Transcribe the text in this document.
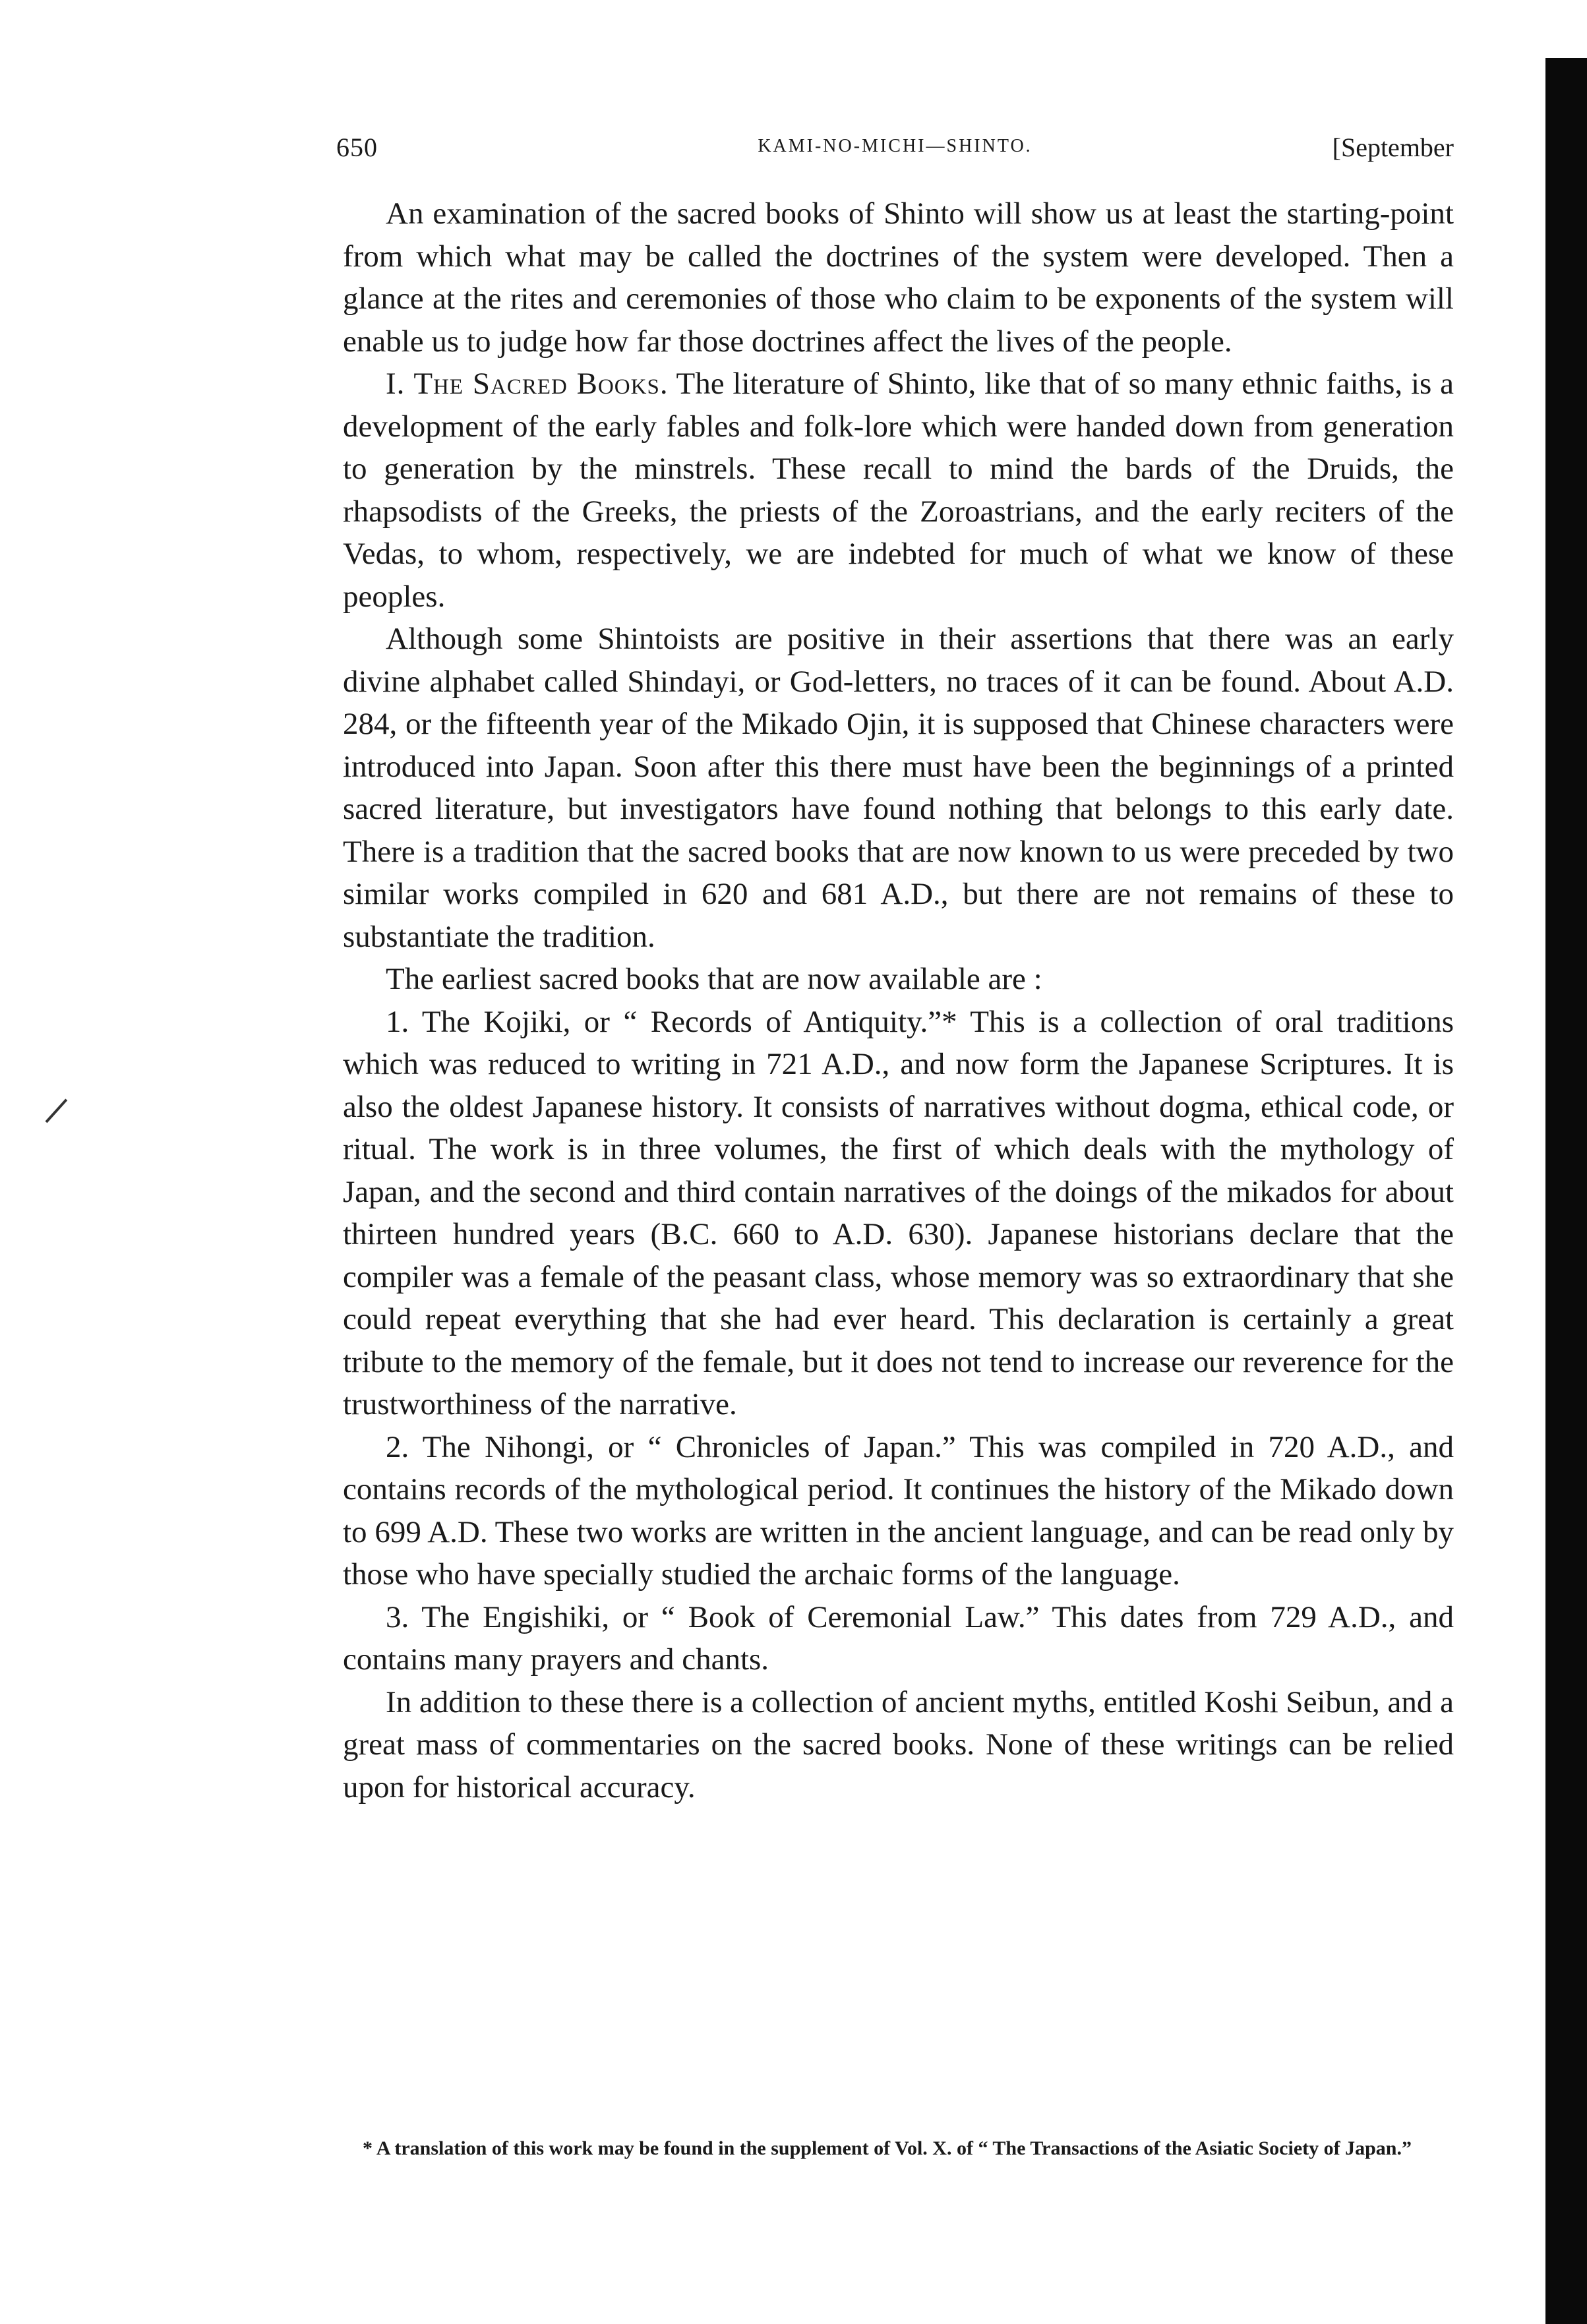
650	KAMI-NO-MICHI—SHINTO.	[September

An examination of the sacred books of Shinto will show us at least the starting-point from which what may be called the doctrines of the system were developed. Then a glance at the rites and ceremonies of those who claim to be exponents of the system will enable us to judge how far those doctrines affect the lives of the people.

I. The Sacred Books. The literature of Shinto, like that of so many ethnic faiths, is a development of the early fables and folk-lore which were handed down from generation to generation by the minstrels. These recall to mind the bards of the Druids, the rhapsodists of the Greeks, the priests of the Zoroastrians, and the early reciters of the Vedas, to whom, respectively, we are indebted for much of what we know of these peoples.

Although some Shintoists are positive in their assertions that there was an early divine alphabet called Shindayi, or God-letters, no traces of it can be found. About A.D. 284, or the fifteenth year of the Mikado Ojin, it is supposed that Chinese characters were introduced into Japan. Soon after this there must have been the beginnings of a printed sacred literature, but investigators have found nothing that belongs to this early date. There is a tradition that the sacred books that are now known to us were preceded by two similar works compiled in 620 and 681 A.D., but there are not remains of these to substantiate the tradition.

The earliest sacred books that are now available are :

1. The Kojiki, or “ Records of Antiquity.”* This is a collection of oral traditions which was reduced to writing in 721 A.D., and now form the Japanese Scriptures. It is also the oldest Japanese history. It consists of narratives without dogma, ethical code, or ritual. The work is in three volumes, the first of which deals with the mythology of Japan, and the second and third contain narratives of the doings of the mikados for about thirteen hundred years (B.C. 660 to A.D. 630). Japanese historians declare that the compiler was a female of the peasant class, whose memory was so extraordinary that she could repeat everything that she had ever heard. This declaration is certainly a great tribute to the memory of the female, but it does not tend to increase our reverence for the trustworthiness of the narrative.

2. The Nihongi, or “ Chronicles of Japan.” This was compiled in 720 A.D., and contains records of the mythological period. It continues the history of the Mikado down to 699 A.D. These two works are written in the ancient language, and can be read only by those who have specially studied the archaic forms of the language.

3. The Engishiki, or “ Book of Ceremonial Law.” This dates from 729 A.D., and contains many prayers and chants.

In addition to these there is a collection of ancient myths, entitled Koshi Seibun, and a great mass of commentaries on the sacred books. None of these writings can be relied upon for historical accuracy.

* A translation of this work may be found in the supplement of Vol. X. of “ The Transactions of the Asiatic Society of Japan.”
